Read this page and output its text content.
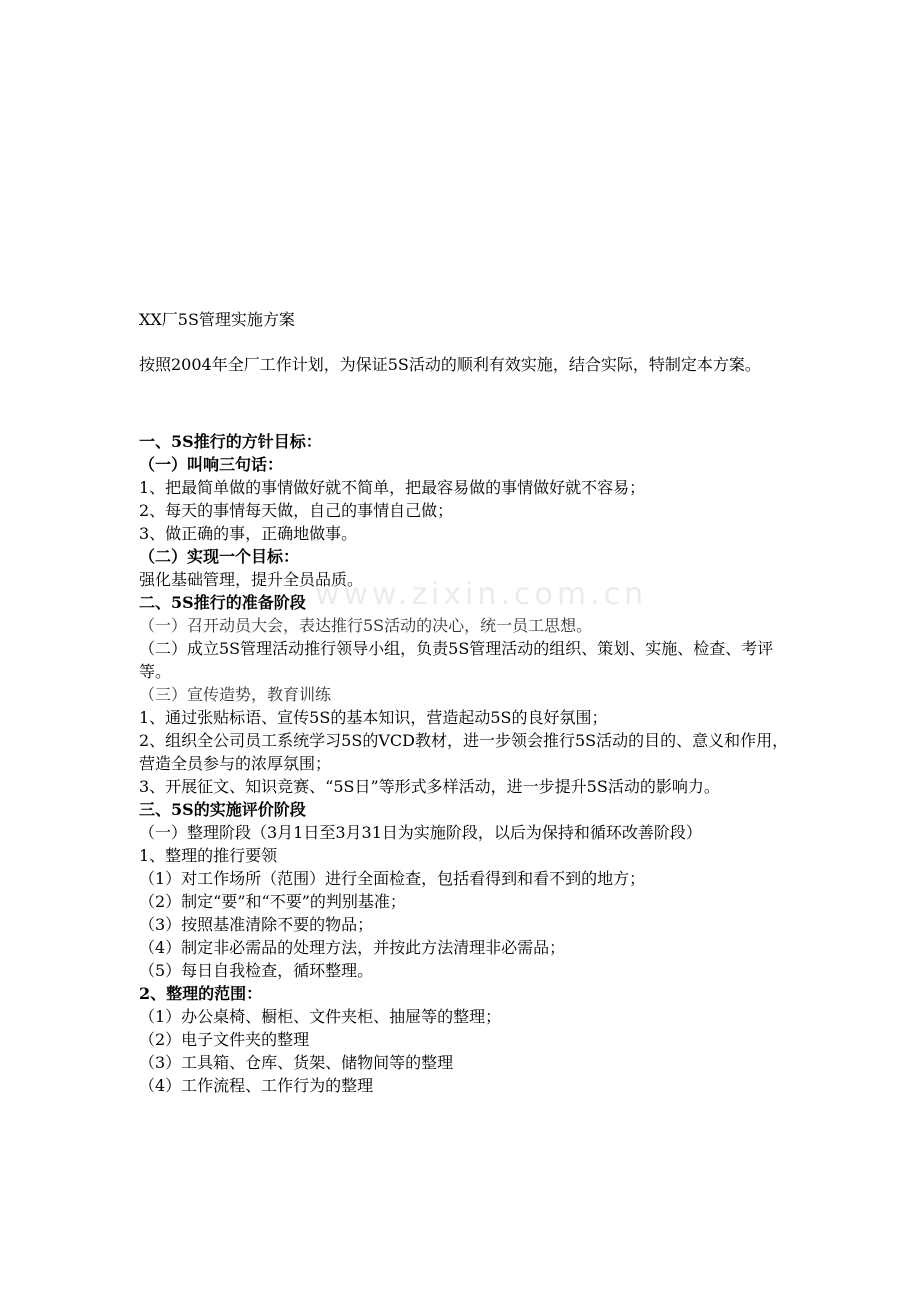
www.zixin.com.cn
XX厂5S管理实施方案
按照2004年全厂工作计划，为保证5S活动的顺利有效实施，结合实际，特制定本方案。
一、5S推行的方针目标：
（一）叫响三句话：
1、把最简单做的事情做好就不简单，把最容易做的事情做好就不容易；
2、每天的事情每天做，自己的事情自己做；
3、做正确的事，正确地做事。
（二）实现一个目标：
强化基础管理，提升全员品质。
二、5S推行的准备阶段
（一）召开动员大会，表达推行5S活动的决心，统一员工思想。
（二）成立5S管理活动推行领导小组，负责5S管理活动的组织、策划、实施、检查、考评等。
（三）宣传造势，教育训练
1、通过张贴标语、宣传5S的基本知识，营造起动5S的良好氛围；
2、组织全公司员工系统学习5S的VCD教材，进一步领会推行5S活动的目的、意义和作用，营造全员参与的浓厚氛围；
3、开展征文、知识竞赛、“5S日”等形式多样活动，进一步提升5S活动的影响力。
三、5S的实施评价阶段
（一）整理阶段（3月1日至3月31日为实施阶段，以后为保持和循环改善阶段）
1、整理的推行要领
（1）对工作场所（范围）进行全面检查，包括看得到和看不到的地方；
（2）制定“要”和“不要”的判别基准；
（3）按照基准清除不要的物品；
（4）制定非必需品的处理方法，并按此方法清理非必需品；
（5）每日自我检查，循环整理。
2、整理的范围：
（1）办公桌椅、橱柜、文件夹柜、抽屉等的整理；
（2）电子文件夹的整理
（3）工具箱、仓库、货架、储物间等的整理
（4）工作流程、工作行为的整理
